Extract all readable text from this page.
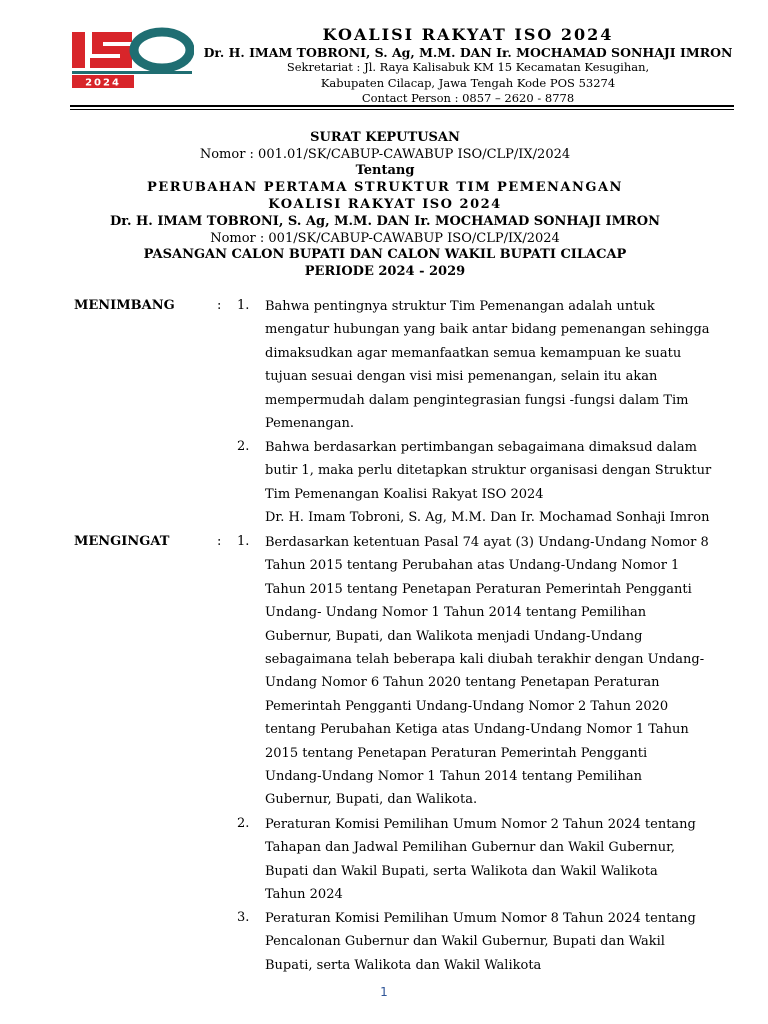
2024
KOALISI RAKYAT ISO 2024
Dr. H. IMAM TOBRONI, S. Ag, M.M. DAN Ir. MOCHAMAD SONHAJI IMRON
Sekretariat : Jl. Raya Kalisabuk KM 15 Kecamatan Kesugihan,
Kabupaten Cilacap, Jawa Tengah Kode POS 53274
Contact Person : 0857 – 2620 - 8778
SURAT KEPUTUSAN
Nomor : 001.01/SK/CABUP-CAWABUP ISO/CLP/IX/2024
Tentang
PERUBAHAN PERTAMA STRUKTUR TIM PEMENANGAN
KOALISI RAKYAT ISO 2024
Dr. H. IMAM TOBRONI, S. Ag, M.M. DAN Ir. MOCHAMAD SONHAJI IMRON
Nomor : 001/SK/CABUP-CAWABUP ISO/CLP/IX/2024
PASANGAN CALON BUPATI DAN CALON WAKIL BUPATI CILACAP
PERIODE 2024 - 2029
MENIMBANG	: 1. Bahwa pentingnya struktur Tim Pemenangan adalah untuk
mengatur hubungan yang baik antar bidang pemenangan sehingga
dimaksudkan agar memanfaatkan semua kemampuan ke suatu
tujuan sesuai dengan visi misi pemenangan, selain itu akan
mempermudah dalam pengintegrasian fungsi -fungsi dalam Tim
Pemenangan.
2. Bahwa berdasarkan pertimbangan sebagaimana dimaksud dalam
butir 1, maka perlu ditetapkan struktur organisasi dengan Struktur
Tim Pemenangan Koalisi Rakyat ISO 2024
Dr. H. Imam Tobroni, S. Ag, M.M. Dan Ir. Mochamad Sonhaji Imron
MENGINGAT	: 1. Berdasarkan ketentuan Pasal 74 ayat (3) Undang-Undang Nomor 8
Tahun 2015 tentang Perubahan atas Undang-Undang Nomor 1
Tahun 2015 tentang Penetapan Peraturan Pemerintah Pengganti
Undang- Undang Nomor 1 Tahun 2014 tentang Pemilihan
Gubernur, Bupati, dan Walikota menjadi Undang-Undang
sebagaimana telah beberapa kali diubah terakhir dengan Undang-
Undang Nomor 6 Tahun 2020 tentang Penetapan Peraturan
Pemerintah Pengganti Undang-Undang Nomor 2 Tahun 2020
tentang Perubahan Ketiga atas Undang-Undang Nomor 1 Tahun
2015 tentang Penetapan Peraturan Pemerintah Pengganti
Undang-Undang Nomor 1 Tahun 2014 tentang Pemilihan
Gubernur, Bupati, dan Walikota.
2. Peraturan Komisi Pemilihan Umum Nomor 2 Tahun 2024 tentang
Tahapan dan Jadwal Pemilihan Gubernur dan Wakil Gubernur,
Bupati dan Wakil Bupati, serta Walikota dan Wakil Walikota
Tahun 2024
3. Peraturan Komisi Pemilihan Umum Nomor 8 Tahun 2024 tentang
Pencalonan Gubernur dan Wakil Gubernur, Bupati dan Wakil
Bupati, serta Walikota dan Wakil Walikota
1
